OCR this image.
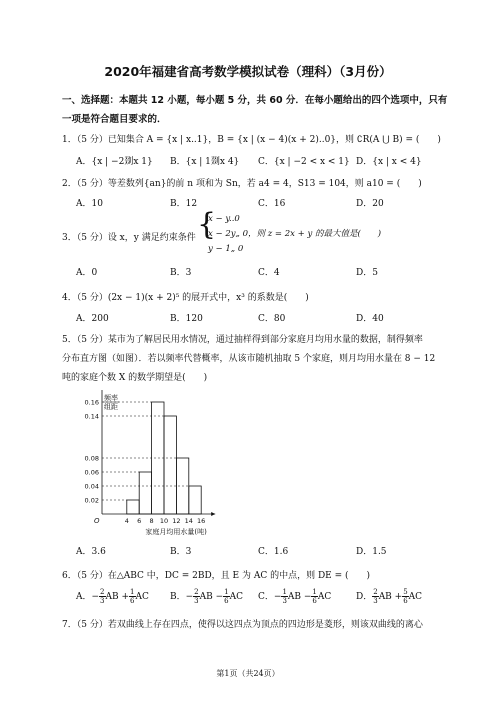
2020年福建省高考数学模拟试卷（理科）（3月份）
一、选择题：本题共 12 小题，每小题 5 分，共 60 分．在每小题给出的四个选项中，只有
一项是符合题目要求的．
1．（5 分）已知集合 A = {x | x..1}，B = {x | (x − 4)(x + 2)..0}，则 ∁R(A ⋃ B) = (　　)
A．{x | −2剟x 1} B．{x | 1剟x 4} C．{x | −2 < x < 1} D．{x | x < 4}
2．（5 分）等差数列{an}的前 n 项和为 Sn，若 a4 = 4，S13 = 104，则 a10 = (　　)
A．10	B．12	C．16	D．20
3．（5 分）设 x，y 满足约束条件 {
x − y..0
x − 2y„ 0，则 z = 2x + y 的最大值是(　　)
y − 1„ 0
A．0	B．3	C．4	D．5
4．（5 分）(2x − 1)(x + 2)⁵ 的展开式中，x³ 的系数是(　　)
A．200	B．120	C．80	D．40
5．（5 分）某市为了解居民用水情况，通过抽样得到部分家庭月均用水量的数据，制得频率
分布直方图（如图）．若以频率代替概率，从该市随机抽取 5 个家庭，则月均用水量在 8 − 12
吨的家庭个数 X 的数学期望是(　　)
0.02
0.04
0.06
0.08
0.14
0.16
4 6 8 10 12 14 16
O
频率
组距
家庭月均用水量(吨)
A．3.6	B．3	C．1.6	D．1.5
6．（5 分）在△ABC 中，DC = 2BD，且 E 为 AC 的中点，则 DE = (　　)
A．− $\frac{2}{3}$ AB + $\frac{1}{6}$ AC B．− $\frac{2}{3}$ AB − $\frac{1}{6}$ AC C．− $\frac{1}{3}$ AB − $\frac{1}{6}$ AC	D． $\frac{2}{3}$ AB + $\frac{5}{6}$ AC
7．（5 分）若双曲线上存在四点，使得以这四点为顶点的四边形是菱形，则该双曲线的离心
第1页（共24页）
